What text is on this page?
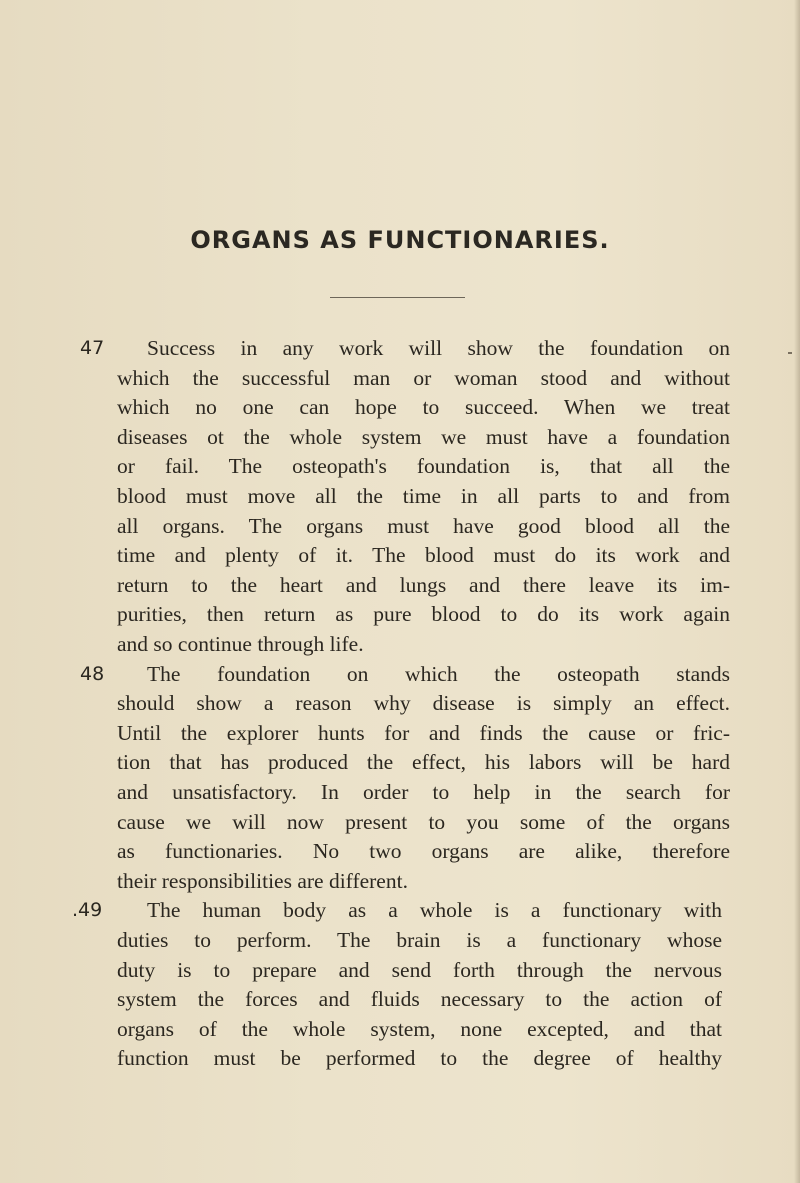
ORGANS AS FUNCTIONARIES.
47 Success in any work will show the foundation on
which the successful man or woman stood and without
which no one can hope to succeed. When we treat
diseases ot the whole system we must have a foundation
or fail. The osteopath's foundation is, that all the
blood must move all the time in all parts to and from
all organs. The organs must have good blood all the
time and plenty of it. The blood must do its work and
return to the heart and lungs and there leave its im-
purities, then return as pure blood to do its work again
and so continue through life.
48 The foundation on which the osteopath stands
should show a reason why disease is simply an effect.
Until the explorer hunts for and finds the cause or fric-
tion that has produced the effect, his labors will be hard
and unsatisfactory. In order to help in the search for
cause we will now present to you some of the organs
as functionaries. No two organs are alike, therefore
their responsibilities are different.
.49 The human body as a whole is a functionary with
duties to perform. The brain is a functionary whose
duty is to prepare and send forth through the nervous
system the forces and fluids necessary to the action of
organs of the whole system, none excepted, and that
function must be performed to the degree of healthy
